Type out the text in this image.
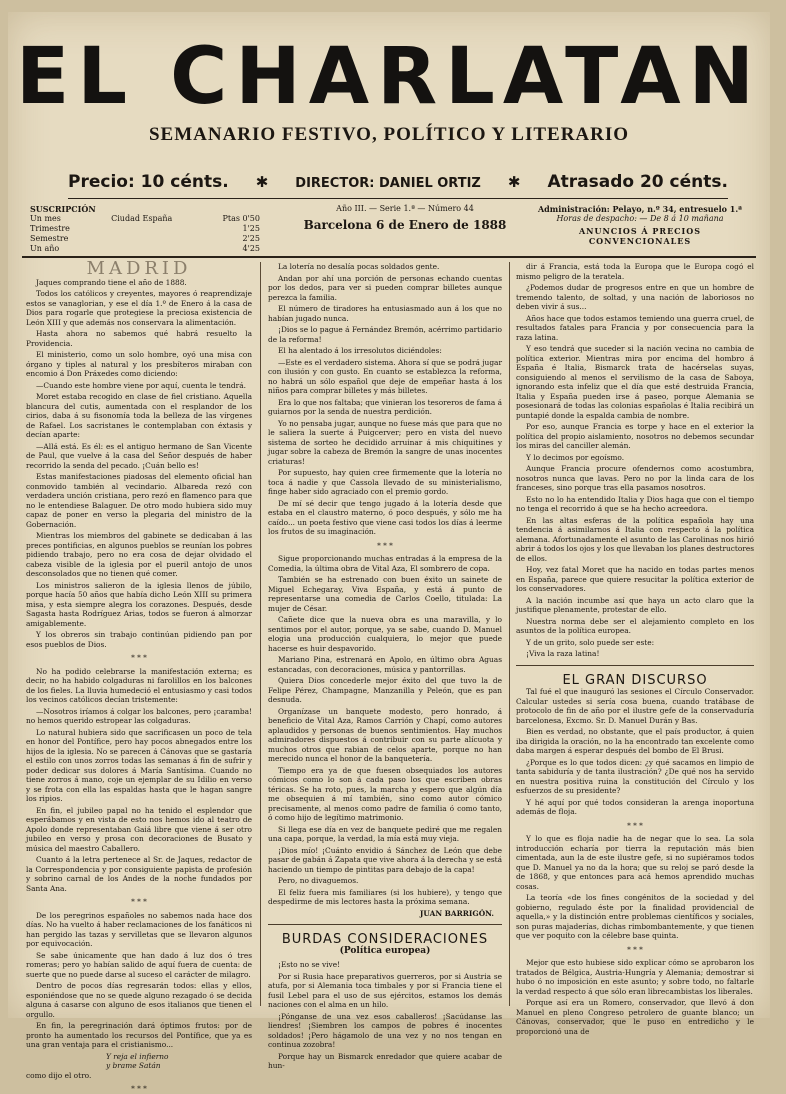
EL CHARLATAN
SEMANARIO FESTIVO, POLÍTICO Y LITERARIO
Precio: 10 cénts. ✱ DIRECTOR: DANIEL ORTIZ ✱ Atrasado 20 cénts.
SUSCRIPCIÓN
Un mes	Ciudad España	Ptas 0'50
Trimestre	1'25
Semestre	2'25
Un año	4'25
Año III. — Serie 1.ª — Número 44
Barcelona 6 de Enero de 1888
Administración: Pelayo, n.º 34, entresuelo 1.ª
Horas de despacho: — De 8 á 10 mañana
ANUNCIOS Á PRECIOS CONVENCIONALES
MADRID

Jaques comprando tiene el año de 1888.

Todos los católicos y creyentes, mayores ó reaprendizaje estos se vanaglorian, y ese el día 1.º de Enero á la casa de Dios para rogarle que protegiese la preciosa existencia de León XIII y que además nos conservara la alimentación.

Hasta ahora no sabemos qué habrá resuelto la Providencia.

El ministerio, como un solo hombre, oyó una misa con órgano y tiples al natural y los presbíteros miraban con encomio á Don Práxedes como diciendo:

—Cuando este hombre viene por aquí, cuenta le tendrá.

Moret estaba recogido en clase de fiel cristiano. Aquella blancura del cutis, aumentada con el resplandor de los cirios, daba á su fisonomía toda la belleza de las vírgenes de Rafael. Los sacristanes le contemplaban con éxtasis y decían aparte:

—Allá está. Es él: es el antiguo hermano de San Vicente de Paul, que vuelve á la casa del Señor después de haber recorrido la senda del pecado. ¡Cuán bello es!

Estas manifestaciones piadosas del elemento oficial han conmovido también al vecindario. Albareda rezó con verdadera unción cristiana, pero rezó en flamenco para que no le entendiese Balaguer. De otro modo hubiera sido muy capaz de poner en verso la plegaria del ministro de la Gobernación.

Mientras los miembros del gabinete se dedicaban á las preces pontificias, en algunos pueblos se reunían los pobres pidiendo trabajo, pero no era cosa de dejar olvidado el cabeza visible de la iglesia por el pueril antojo de unos desconsolados que no tienen qué comer.

Los ministros salieron de la iglesia llenos de júbilo, porque hacía 50 años que había dicho León XIII su primera misa, y esta siempre alegra los corazones. Después, desde Sagasta hasta Rodríguez Arias, todos se fueron á almorzar amigablemente.

Y los obreros sin trabajo continúan pidiendo pan por esos pueblos de Dios.

* * *

No ha podido celebrarse la manifestación externa; es decir, no ha habido colgaduras ni farolillos en los balcones de los fieles. La lluvia humedeció el entusiasmo y casi todos los vecinos católicos decían tristemente:

—Nosotros iríamos á colgar los balcones, pero ¡caramba! no hemos querido estropear las colgaduras.

Lo natural hubiera sido que sacrificasen un poco de tela en honor del Pontífice, pero hay pocos abnegados entre los hijos de la iglesia. No se parecen á Cánovas que se gastaría el estilo con unos zorros todas las semanas á fin de sufrir y poder dedicar sus dolores á María Santísima. Cuando no tiene zorros á mano, coje un ejemplar de su Idilio en verso y se frota con ella las espaldas hasta que le hagan sangre los ripios.

En fin, el jubileo papal no ha tenido el esplendor que esperábamos y en vista de esto nos hemos ido al teatro de Apolo donde representaban Gaiá libre que viene á ser otro jubileo en verso y prosa con decoraciones de Busato y música del maestro Caballero.

Cuanto á la letra pertenece al Sr. de Jaques, redactor de la Correspondencia y por consiguiente papista de profesión y sobrino carnal de los Andes de la noche fundados por Santa Ana.

* * *

De los peregrinos españoles no sabemos nada hace dos días. No ha vuelto á haber reclamaciones de los fanáticos ni han pergido las tazas y servilletas que se llevaron algunos por equivocación.

Se sabe únicamente que han dado á luz dos ó tres romeras; pero yo habían salido de aquí fuera de cuenta: de suerte que no puede darse al suceso el carácter de milagro.

Dentro de pocos días regresarán todos: ellas y ellos, esponiéndose que no se quede alguno rezagado ó se decida alguna á casarse con alguno de esos italianos que tienen el orgullo.

En fin, la peregrinación dará óptimos frutos: por de pronto ha aumentado los recursos del Pontífice, que ya es una gran ventaja para el cristianismo...

Y reja el infierno
y brame Satán
como dijo el otro.
* * *

La lotería no desalía pocas soldados gente.

Andan por ahí una porción de personas echando cuentas por los dedos, para ver si pueden comprar billetes aunque perezca la familia.

El número de tiradores ha entusiasmado aun á los que no habían jugado nunca.

¡Dios se lo pague á Fernández Bremón, acérrimo partidario de la reforma!

El ha alentado á los irresolutos diciéndoles:

—Este es el verdadero sistema. Ahora sí que se podrá jugar con ilusión y con gusto. En cuanto se establezca la reforma, no habrá un sólo español que deje de empeñar hasta á los niños para comprar billetes y más billetes.

Era lo que nos faltaba; que vinieran los tesoreros de fama á guiarnos por la senda de nuestra perdición.

Yo no pensaba jugar, aunque no fuese más que para que no le saliera la suerte á Puigcerver; pero en vista del nuevo sistema de sorteo he decidido arruinar á mis chiquitines y jugar sobre la cabeza de Bremón la sangre de unas inocentes criaturas!

Por supuesto, hay quien cree firmemente que la lotería no toca á nadie y que Cassola llevado de su ministerialismo, finge haber sido agraciado con el premio gordo.

De mí sé decir que tengo jugado á la lotería desde que estaba en el claustro materno, ó poco después, y sólo me ha caído... un poeta festivo que viene casi todos los días á leerme los frutos de su imaginación.

* * *

Sigue proporcionando muchas entradas á la empresa de la Comedia, la última obra de Vital Aza, El sombrero de copa.

También se ha estrenado con buen éxito un sainete de Miguel Echegaray, Viva España, y está á punto de representarse una comedia de Carlos Coello, titulada: La mujer de César.

Cañete dice que la nueva obra es una maravilla, y lo sentimos por el autor, porque, ya se sabe, cuando D. Manuel elogia una producción cualquiera, lo mejor que puede hacerse es huir despavorido.

Mariano Pina, estrenará en Apolo, en último obra Aguas estancadas, con decoraciones, música y pantorrillas.

Quiera Dios concederle mejor éxito del que tuvo la de Felipe Pérez, Champagne, Manzanilla y Peleón, que es pan desnuda.

Organízase un banquete modesto, pero honrado, á beneficio de Vital Aza, Ramos Carrión y Chapí, como autores aplaudidos y personas de buenos sentimientos. Hay muchos admiradores dispuestos á contribuir con su parte alícuota y muchos otros que rabian de celos aparte, porque no han merecido nunca el honor de la banquetería.

Tiempo era ya de que fuesen obsequiados los autores cómicos como lo son á cada paso los que escriben obras téricas. Se ha roto, pues, la marcha y espero que algún día me obsequien á mí también, sino como autor cómico precisamente, al menos como padre de familia ó como tanto, ó como hijo de legítimo matrimonio.

Si llega ese día en vez de banquete pediré que me regalen una capa, porque, la verdad, la mía está muy vieja.

¡Dios mío! ¡Cuánto envidio á Sánchez de León que debe pasar de gabán á Zapata que vive ahora á la derecha y se está haciendo un tiempo de pintitas para debajo de la capa!

Pero, no divaguemos.

El feliz fuera mis familiares (si los hubiere), y tengo que despedirme de mis lectores hasta la próxima semana.

JUAN BARRIGÓN.
BURDAS CONSIDERACIONES
(Política europea)

¡Esto no se vive!

Por si Rusia hace preparativos guerreros, por si Austria se atufa, por si Alemania toca timbales y por si Francia tiene el fusil Lebel para el uso de sus ejércitos, estamos los demás naciones con el alma en un hilo.

¡Pónganse de una vez esos caballeros! ¡Sacúdanse las liendres! ¡Siembren los campos de pobres é inocentes soldados! ¡Pero hágamolo de una vez y no nos tengan en continua zozobra!

Porque hay un Bismarck enredador que quiere acabar de hun-

dir á Francia, está toda la Europa que le Europa cogó el mismo peligro de la teratela.

¿Podemos dudar de progresos entre en que un hombre de tremendo talento, de soltad, y una nación de laboriosos no deben vivir á sus...

Años hace que todos estamos temiendo una guerra cruel, de resultados fatales para Francia y por consecuencia para la raza latina.

Y eso tendrá que suceder si la nación vecina no cambia de política exterior. Mientras mira por encima del hombro á España é Italia, Bismarck trata de hacérselas suyas, consiguiendo al menos el servilismo de la casa de Saboya, ignorando esta infeliz que el día que esté destruida Francia, Italia y España pueden irse á paseo, porque Alemania se posesionará de todas las colonias españolas é Italia recibirá un puntapié donde la espalda cambia de nombre.

Por eso, aunque Francia es torpe y hace en el exterior la política del propio aislamiento, nosotros no debemos secundar los miras del canciller alemán.

Y lo decimos por egoísmo.

Aunque Francia procure ofendernos como acostumbra, nosotros nunca que lavas. Pero no por la linda cara de los franceses, sino porque tras ella pasamos nosotros.

Esto no lo ha entendido Italia y Dios haga que con el tiempo no tenga el recorrido á que se ha hecho acreedora.

En las altas esferas de la política española hay una tendencia á asimilarnos á Italia con respecto á la política alemana. Afortunadamente el asunto de las Carolinas nos hirió abrir á todos los ojos y los que llevaban los planes destructores de ellos.

Hoy, vez fatal Moret que ha nacido en todas partes menos en España, parece que quiere resucitar la política exterior de los conservadores.

A la nación incumbe así que haya un acto claro que la justifique plenamente, protestar de ello.

Nuestra norma debe ser el alejamiento completo en los asuntos de la política europea.

Y de un grito, solo puede ser este:

¡Viva la raza latina!

EL GRAN DISCURSO

Tal fué el que inauguró las sesiones el Círculo Conservador. Calcular ustedes si sería cosa buena, cuando tratábase de protocolo de fin de año por el ilustre gefe de la conservaduría barcelonesa, Excmo. Sr. D. Manuel Durán y Bas.

Bien es verdad, no obstante, que el país productor, á quien iba dirigida la oración, no la ha encontrado tan excelente como daba margen á esperar después del bombo de El Brusi.

¿Porque es lo que todos dicen: ¿y qué sacamos en limpio de tanta sabiduría y de tanta ilustración? ¿De qué nos ha servido en nuestra positiva ruina la constitución del Círculo y los esfuerzos de su presidente?

Y hé aquí por qué todos consideran la arenga inoportuna además de floja.

* * *

Y lo que es floja nadie ha de negar que lo sea. La sola introducción echaría por tierra la reputación más bien cimentada, aun la de este ilustre gefe, si no supiéramos todos que D. Manuel ya no da la hora; que su reloj se paró desde la de 1868, y que entonces para acá hemos aprendido muchas cosas.

La teoría «de los fines congénitos de la sociedad y del gobierno, regulado éste por la finalidad providencial de aquella,» y la distinción entre problemas científicos y sociales, son puras majaderías, dichas rimbombantemente, y que tienen que ver poquito con la célebre base quinta.

* * *

Mejor que esto hubiese sido explicar cómo se aprobaron los tratados de Bélgica, Austria-Hungría y Alemania; demostrar si hubo ó no imposición en este asunto; y sobre todo, no faltarle la verdad respecto á que sólo eran librecambistas los liberales.

Porque así era un Romero, conservador, que llevó á don Manuel en pleno Congreso petrolero de guante blanco; un Cánovas, conservador, que le puso en entredicho y le proporcionó una de
